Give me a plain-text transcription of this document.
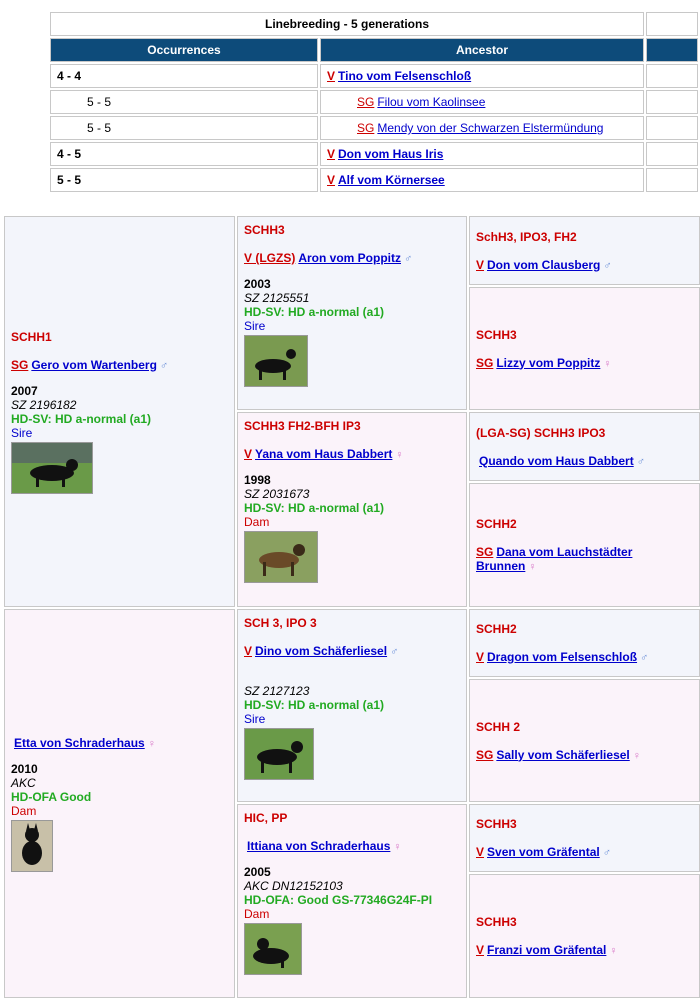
Linebreeding - 5 generations		
Occurrences	Ancestor	
4 - 4	V Tino vom Felsenschloß	
5 - 5	SG Filou vom Kaolinsee	
5 - 5	SG Mendy von der Schwarzen Elstermündung	
4 - 5	V Don vom Haus Iris	
5 - 5	V Alf vom Körnersee	
SCHH1
SG Gero vom Wartenberg ♂
2007
SZ 2196182
HD-SV: HD a-normal (a1)
Sire
SCHH3
V (LGZS) Aron vom Poppitz ♂
2003
SZ 2125551
HD-SV: HD a-normal (a1)
Sire
SCHH3 FH2-BFH IP3
V Yana vom Haus Dabbert ♀
1998
SZ 2031673
HD-SV: HD a-normal (a1)
Dam
SchH3, IPO3, FH2
V Don vom Clausberg ♂
SCHH3
SG Lizzy vom Poppitz ♀
(LGA-SG) SCHH3 IPO3
Quando vom Haus Dabbert ♂
SCHH2
SG Dana vom Lauchstädter Brunnen ♀
Etta von Schraderhaus ♀
2010
AKC
HD-OFA Good
Dam
SCH 3, IPO 3
V Dino vom Schäferliesel ♂
SZ 2127123
HD-SV: HD a-normal (a1)
Sire
HIC, PP
Ittiana von Schraderhaus ♀
2005
AKC DN12152103
HD-OFA: Good GS-77346G24F-PI
Dam
SCHH2
V Dragon vom Felsenschloß ♂
SCHH 2
SG Sally vom Schäferliesel ♀
SCHH3
V Sven vom Gräfental ♂
SCHH3
V Franzi vom Gräfental ♀
